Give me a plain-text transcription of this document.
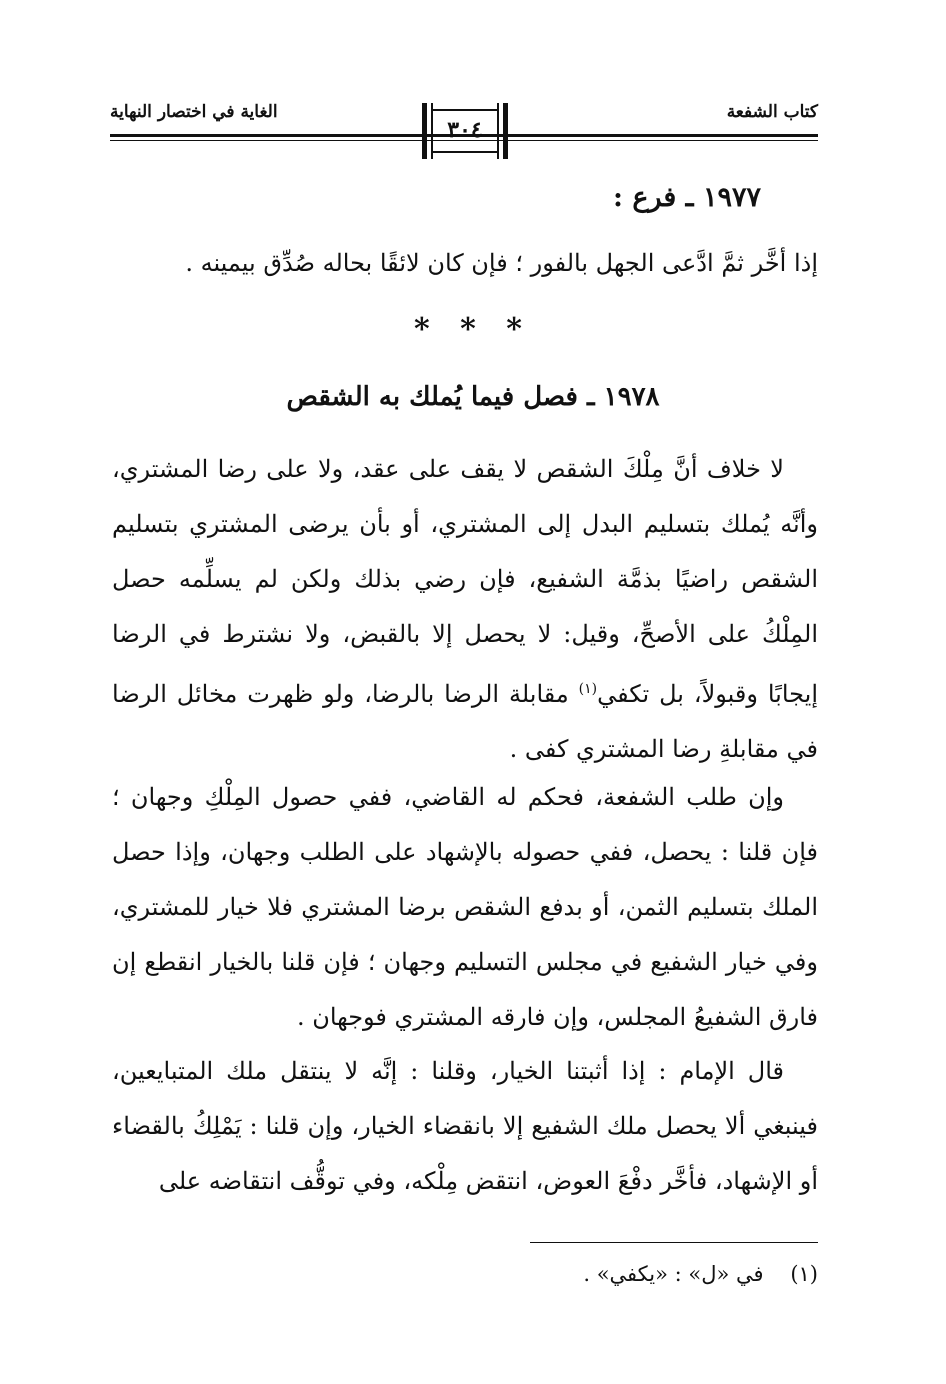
كتاب الشفعة
الغاية في اختصار النهاية
٣٠٤
١٩٧٧ ـ فرع :
إذا أخَّر ثمَّ ادَّعى الجهل بالفور ؛ فإن كان لائقًا بحاله صُدِّق بيمينه .
* * *
١٩٧٨ ـ فصل فيما يُملك به الشقص
لا خلاف أنَّ مِلْكَ الشقص لا يقف على عقد، ولا على رضا المشتري، وأنَّه يُملك بتسليم البدل إلى المشتري، أو بأن يرضى المشتري بتسليم الشقص راضيًا بذمَّة الشفيع، فإن رضي بذلك ولكن لم يسلِّمه حصل المِلْكُ على الأصحِّ، وقيل: لا يحصل إلا بالقبض، ولا نشترط في الرضا إيجابًا وقبولاً، بل تكفي$^{(١)}$ مقابلة الرضا بالرضا، ولو ظهرت مخائل الرضا في مقابلةِ رضا المشتري كفى .
وإن طلب الشفعة، فحكم له القاضي، ففي حصول المِلْكِ وجهان ؛ فإن قلنا : يحصل، ففي حصوله بالإشهاد على الطلب وجهان، وإذا حصل الملك بتسليم الثمن، أو بدفع الشقص برضا المشتري فلا خيار للمشتري، وفي خيار الشفيع في مجلس التسليم وجهان ؛ فإن قلنا بالخيار انقطع إن فارق الشفيعُ المجلس، وإن فارقه المشتري فوجهان .
قال الإمام : إذا أثبتنا الخيار، وقلنا : إنَّه لا ينتقل ملك المتبايعين، فينبغي ألا يحصل ملك الشفيع إلا بانقضاء الخيار، وإن قلنا : يَمْلِكُ بالقضاء أو الإشهاد، فأخَّر دفْعَ العوض، انتقض مِلْكه، وفي توقُّف انتقاضه على
(١)    في «ل» : «يكفي» .
